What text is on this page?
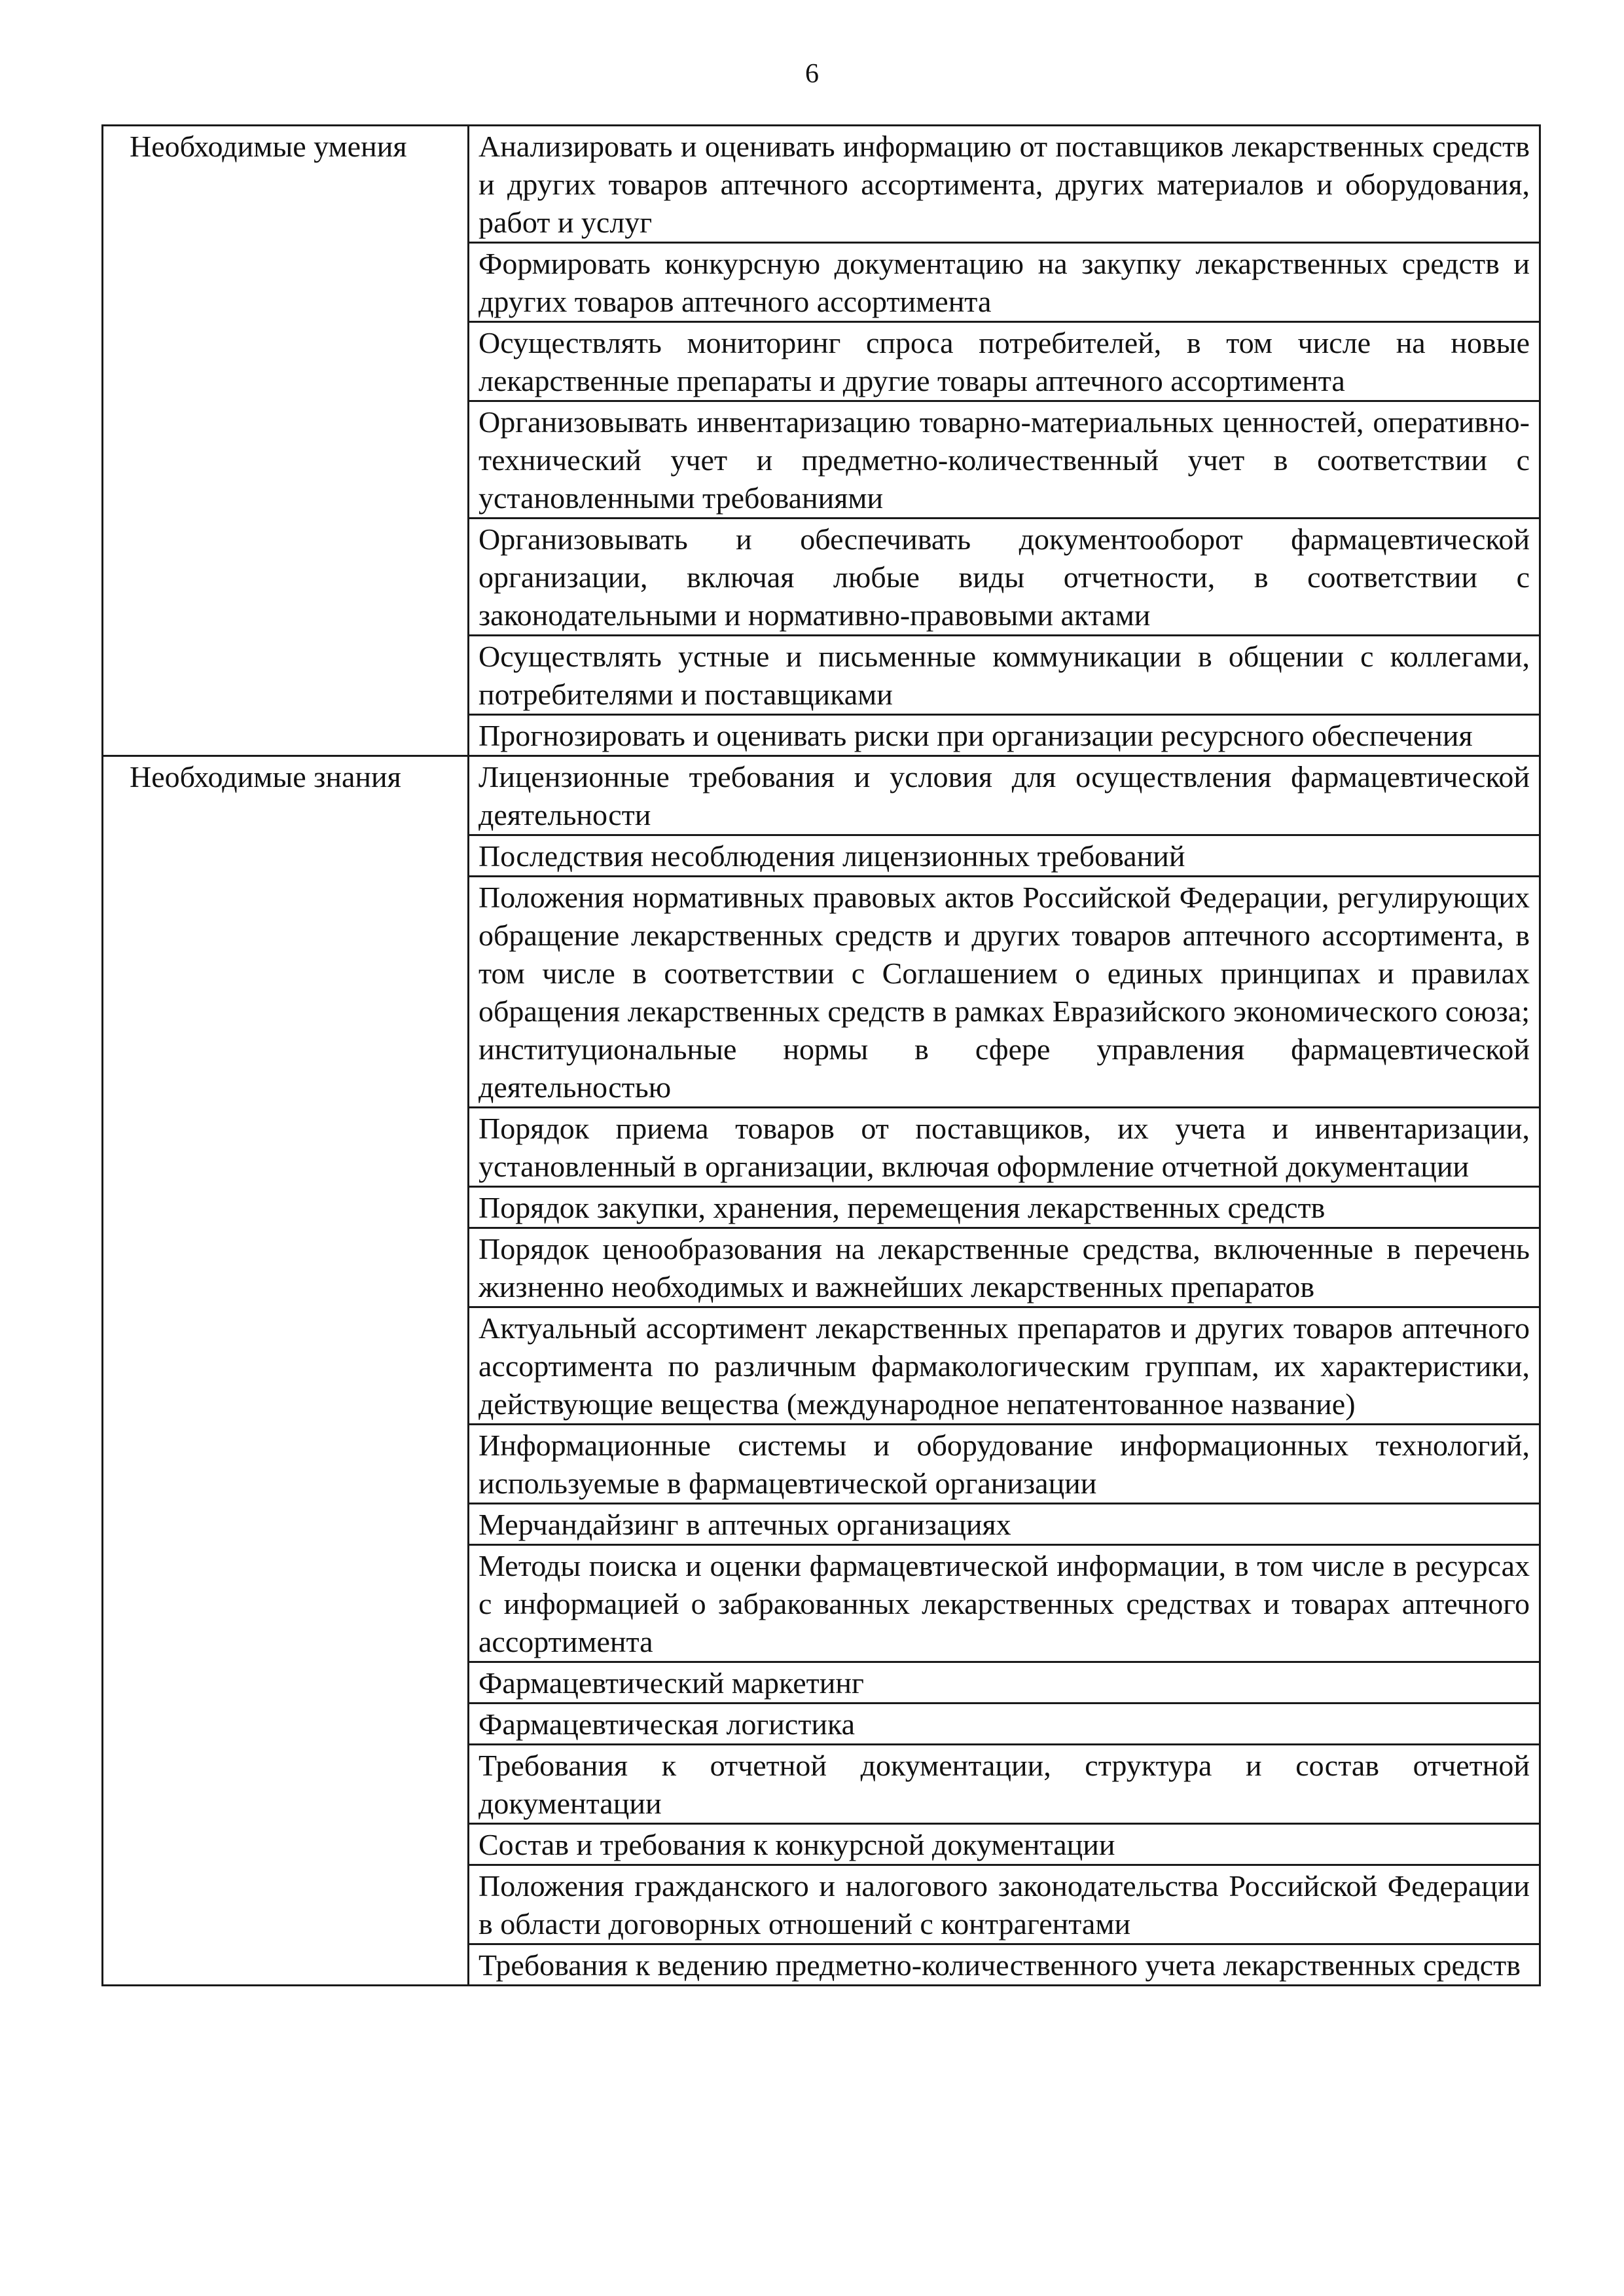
6
Необходимые умения	Анализировать и оценивать информацию от поставщиков лекарственных средств и других товаров аптечного ассортимента, других материалов и оборудования, работ и услуг
	Формировать конкурсную документацию на закупку лекарственных средств и других товаров аптечного ассортимента
	Осуществлять мониторинг спроса потребителей, в том числе на новые лекарственные препараты и другие товары аптечного ассортимента
	Организовывать инвентаризацию товарно-материальных ценностей, оперативно-технический учет и предметно-количественный учет в соответствии с установленными требованиями
	Организовывать и обеспечивать документооборот фармацевтической организации, включая любые виды отчетности, в соответствии с законодательными и нормативно-правовыми актами
	Осуществлять устные и письменные коммуникации в общении с коллегами, потребителями и поставщиками
	Прогнозировать и оценивать риски при организации ресурсного обеспечения
Необходимые знания	Лицензионные требования и условия для осуществления фармацевтической деятельности
	Последствия несоблюдения лицензионных требований
	Положения нормативных правовых актов Российской Федерации, регулирующих обращение лекарственных средств и других товаров аптечного ассортимента, в том числе в соответствии с Соглашением о единых принципах и правилах обращения лекарственных средств в рамках Евразийского экономического союза; институциональные нормы в сфере управления фармацевтической деятельностью
	Порядок приема товаров от поставщиков, их учета и инвентаризации, установленный в организации, включая оформление отчетной документации
	Порядок закупки, хранения, перемещения лекарственных средств
	Порядок ценообразования на лекарственные средства, включенные в перечень жизненно необходимых и важнейших лекарственных препаратов
	Актуальный ассортимент лекарственных препаратов и других товаров аптечного ассортимента по различным фармакологическим группам, их характеристики, действующие вещества (международное непатентованное название)
	Информационные системы и оборудование информационных технологий, используемые в фармацевтической организации
	Мерчандайзинг в аптечных организациях
	Методы поиска и оценки фармацевтической информации, в том числе в ресурсах с информацией о забракованных лекарственных средствах и товарах аптечного ассортимента
	Фармацевтический маркетинг
	Фармацевтическая логистика
	Требования к отчетной документации, структура и состав отчетной документации
	Состав и требования к конкурсной документации
	Положения гражданского и налогового законодательства Российской Федерации в области договорных отношений с контрагентами
	Требования к ведению предметно-количественного учета лекарственных средств
